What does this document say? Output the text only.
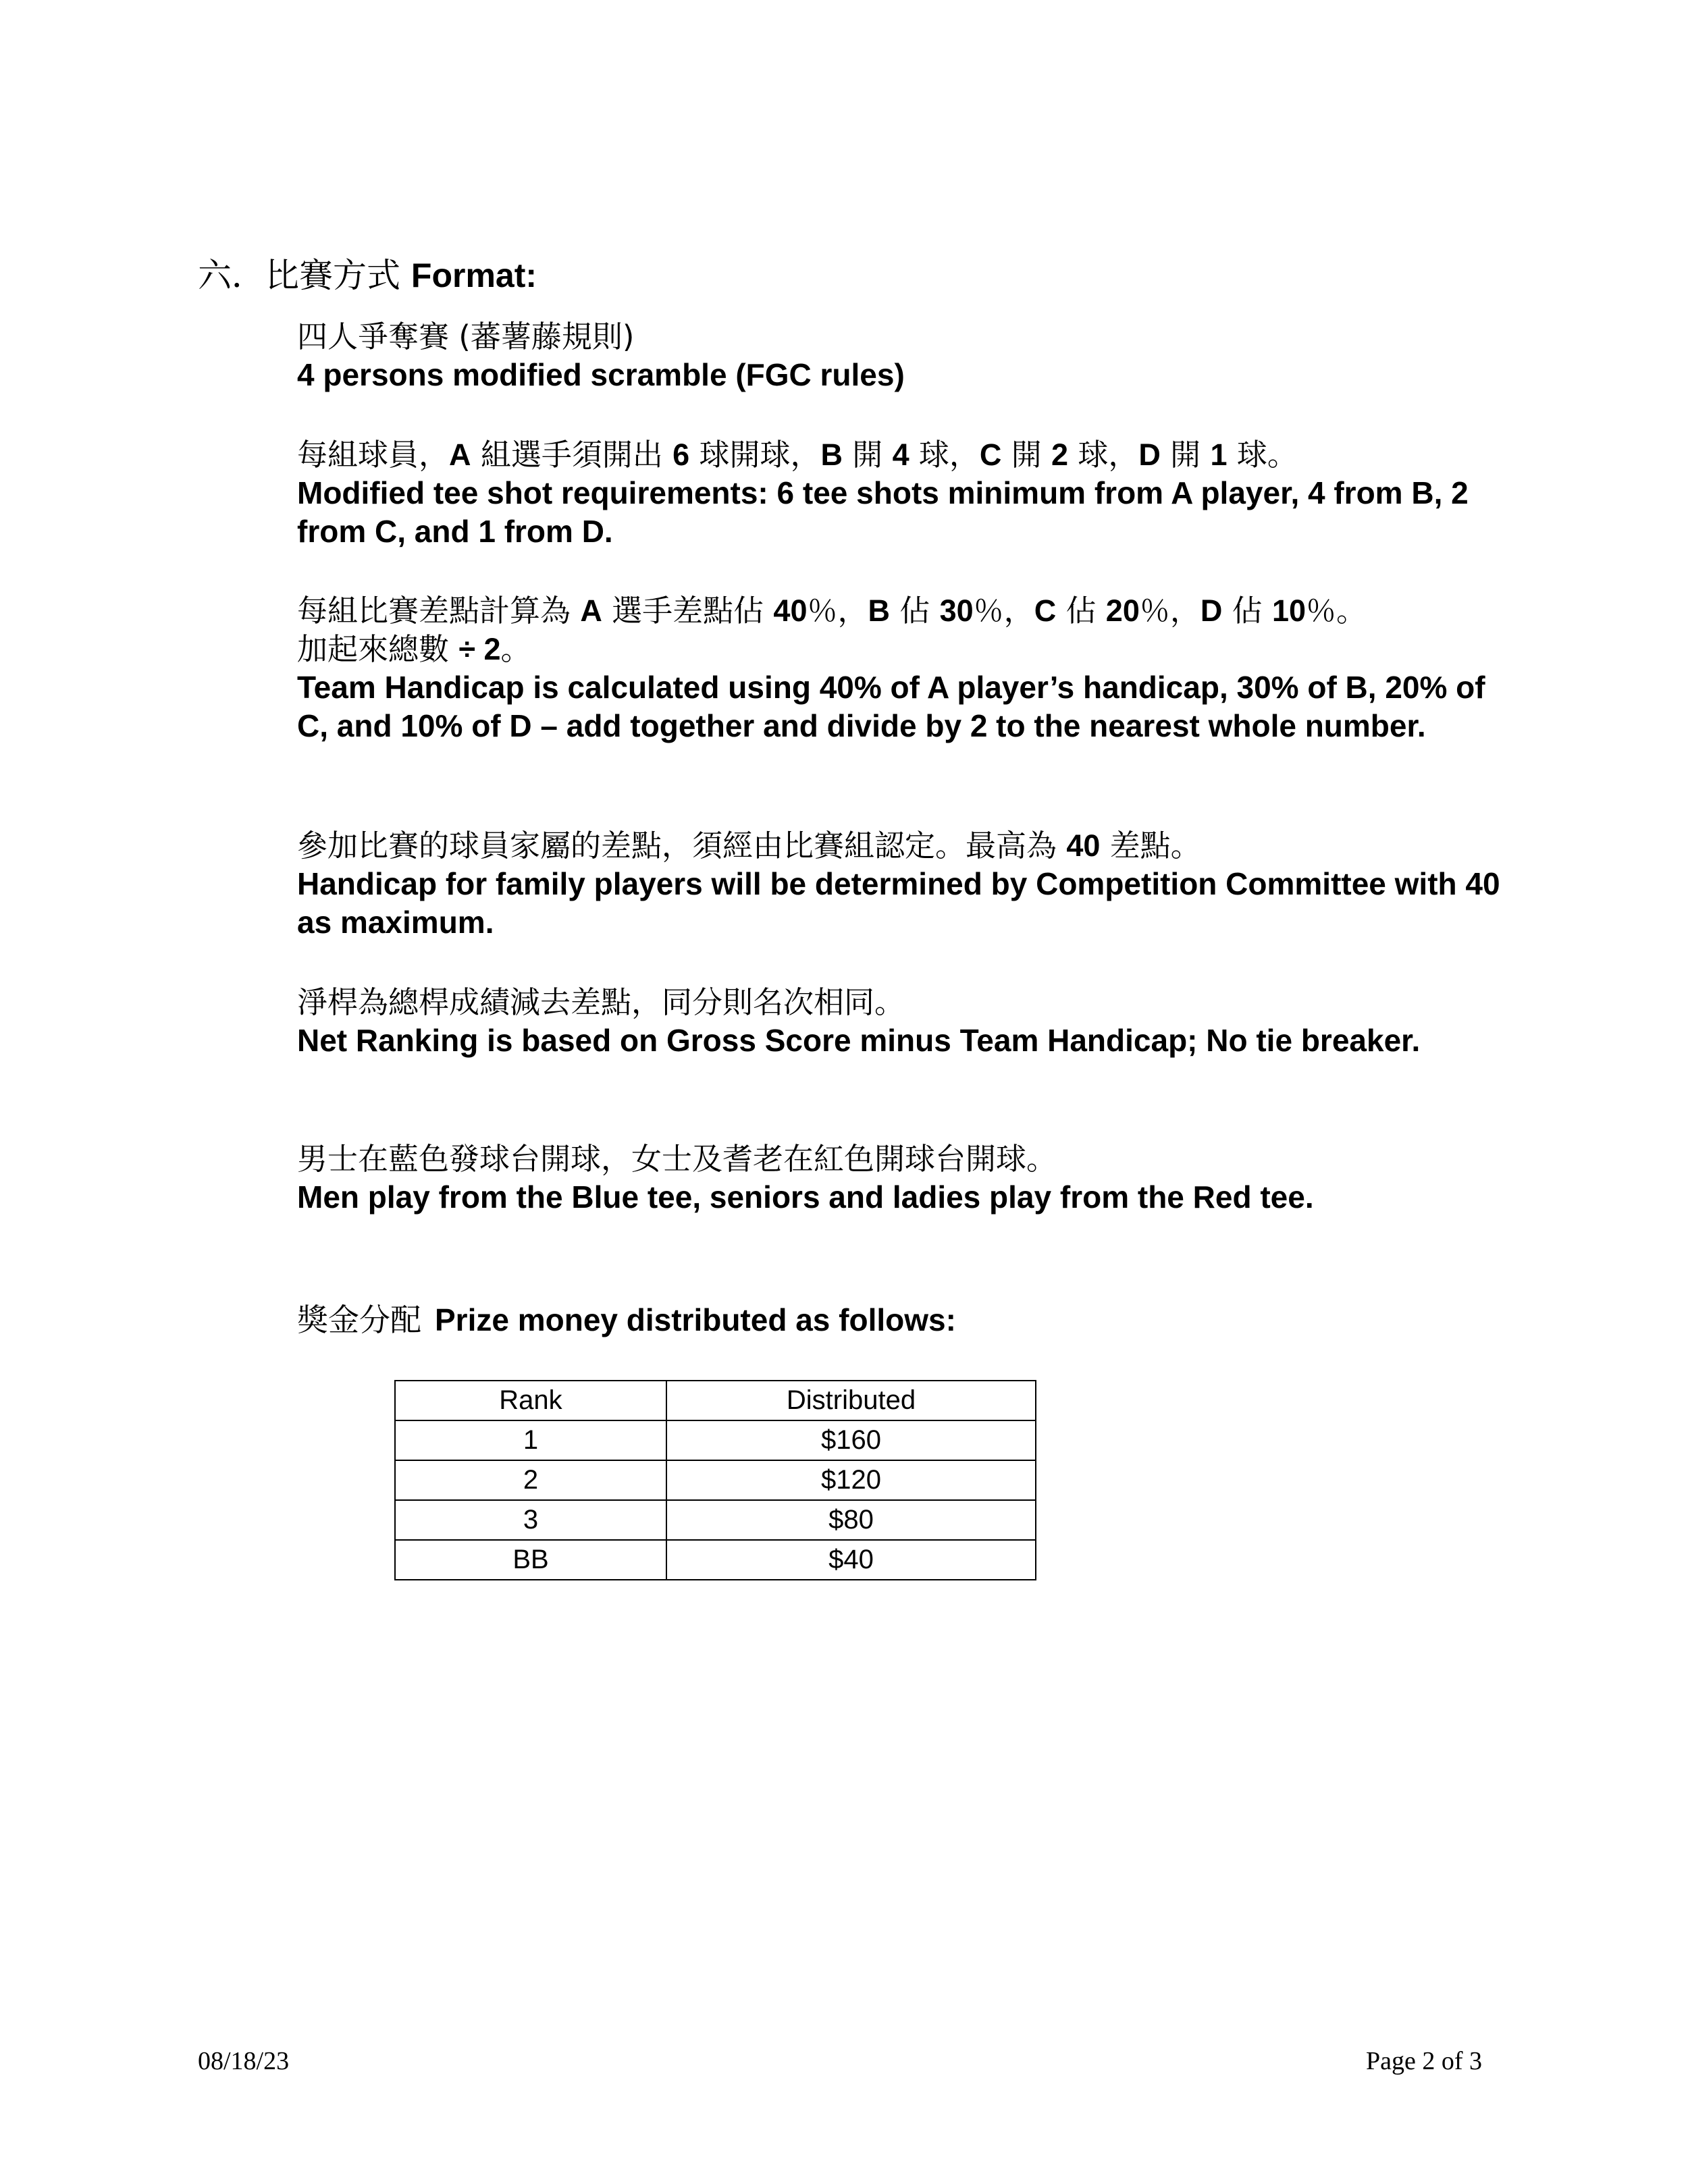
六．比賽方式 Format:
四人爭奪賽 (蕃薯藤規則)
4 persons modified scramble (FGC rules)
每組球員，A 組選手須開出 6 球開球，B 開 4 球，C 開 2 球，D 開 1 球。
Modified tee shot requirements: 6 tee shots minimum from A player, 4 from B, 2 from C, and 1 from D.
每組比賽差點計算為 A 選手差點佔 40％，B 佔 30％，C 佔 20％，D 佔 10％。
加起來總數 ÷ 2。
Team Handicap is calculated using 40% of A player’s handicap, 30% of B, 20% of C, and 10% of D – add together and divide by 2 to the nearest whole number.
參加比賽的球員家屬的差點，須經由比賽組認定。最高為 40 差點。
Handicap for family players will be determined by Competition Committee with 40 as maximum.
淨桿為總桿成績減去差點，同分則名次相同。
Net Ranking is based on Gross Score minus Team Handicap; No tie breaker.
男士在藍色發球台開球，女士及耆老在紅色開球台開球。
Men play from the Blue tee, seniors and ladies play from the Red tee.
獎金分配 Prize money distributed as follows:
Rank	Distributed
1	$160
2	$120
3	$80
BB	$40
08/18/23	Page 2 of 3
